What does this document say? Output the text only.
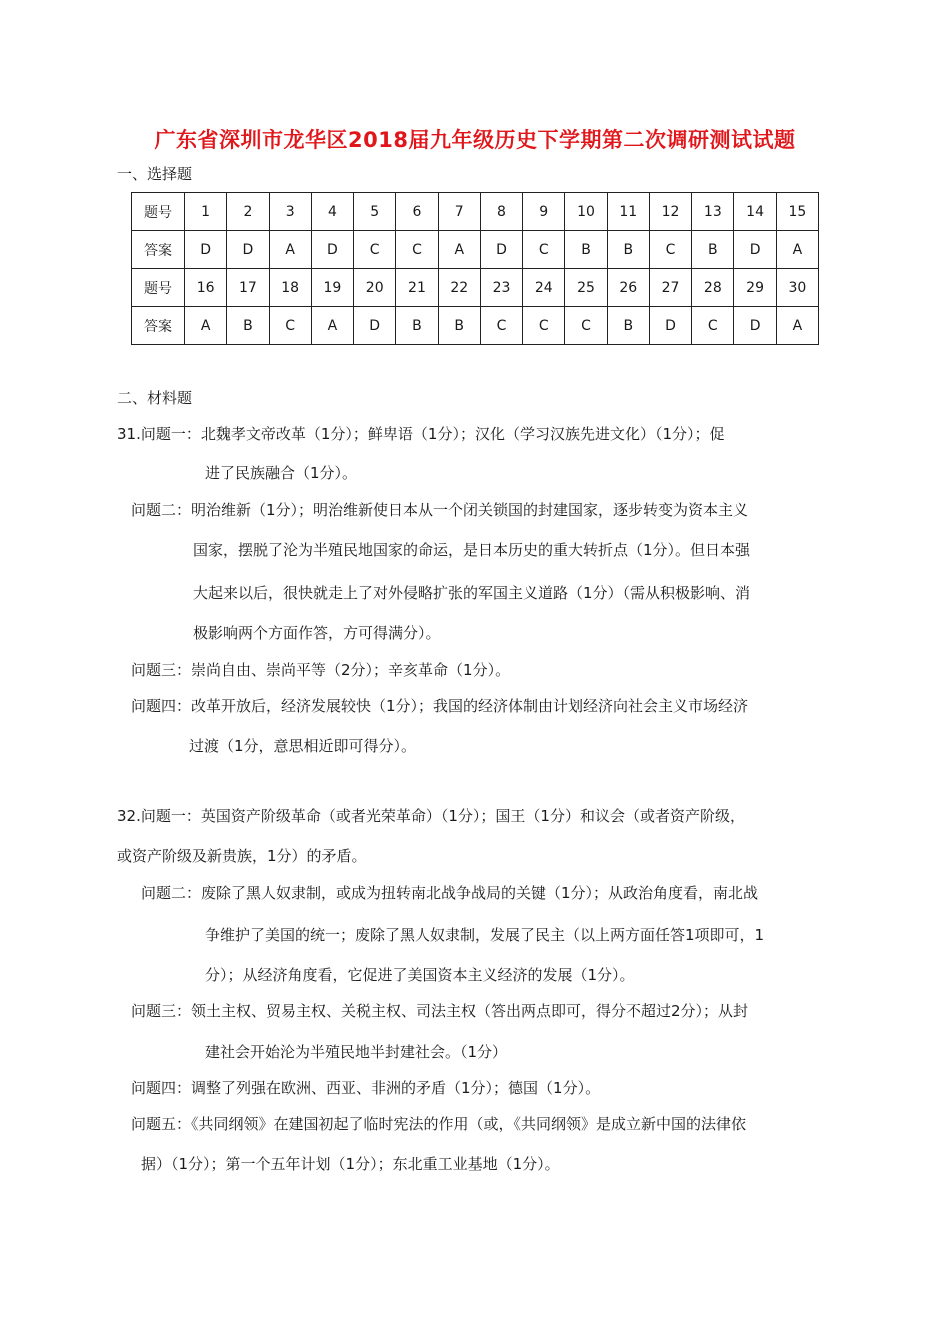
广东省深圳市龙华区2018届九年级历史下学期第二次调研测试试题
一、选择题
题号	1	2	3	4	5	6	7	8	9	10	11	12	13	14	15
答案	D	D	A	D	C	C	A	D	C	B	B	C	B	D	A
题号	16	17	18	19	20	21	22	23	24	25	26	27	28	29	30
答案	A	B	C	A	D	B	B	C	C	C	B	D	C	D	A
二、材料题
31.问题一：北魏孝文帝改革（1分）；鲜卑语（1分）；汉化（学习汉族先进文化）（1分）；促
进了民族融合（1分）。
问题二：明治维新（1分）；明治维新使日本从一个闭关锁国的封建国家，逐步转变为资本主义
国家，摆脱了沦为半殖民地国家的命运，是日本历史的重大转折点（1分）。但日本强
大起来以后，很快就走上了对外侵略扩张的军国主义道路（1分）（需从积极影响、消
极影响两个方面作答，方可得满分）。
问题三：崇尚自由、崇尚平等（2分）；辛亥革命（1分）。
问题四：改革开放后，经济发展较快（1分）；我国的经济体制由计划经济向社会主义市场经济
过渡（1分，意思相近即可得分）。
32.问题一：英国资产阶级革命（或者光荣革命）（1分）；国王（1分）和议会（或者资产阶级，
或资产阶级及新贵族，1分）的矛盾。
问题二：废除了黑人奴隶制，或成为扭转南北战争战局的关键（1分）；从政治角度看，南北战
争维护了美国的统一；废除了黑人奴隶制，发展了民主（以上两方面任答1项即可，1
分）；从经济角度看，它促进了美国资本主义经济的发展（1分）。
问题三：领土主权、贸易主权、关税主权、司法主权（答出两点即可，得分不超过2分）；从封
建社会开始沦为半殖民地半封建社会。（1分）
问题四：调整了列强在欧洲、西亚、非洲的矛盾（1分）；德国（1分）。
问题五：《共同纲领》在建国初起了临时宪法的作用（或，《共同纲领》是成立新中国的法律依
据）（1分）；第一个五年计划（1分）；东北重工业基地（1分）。
